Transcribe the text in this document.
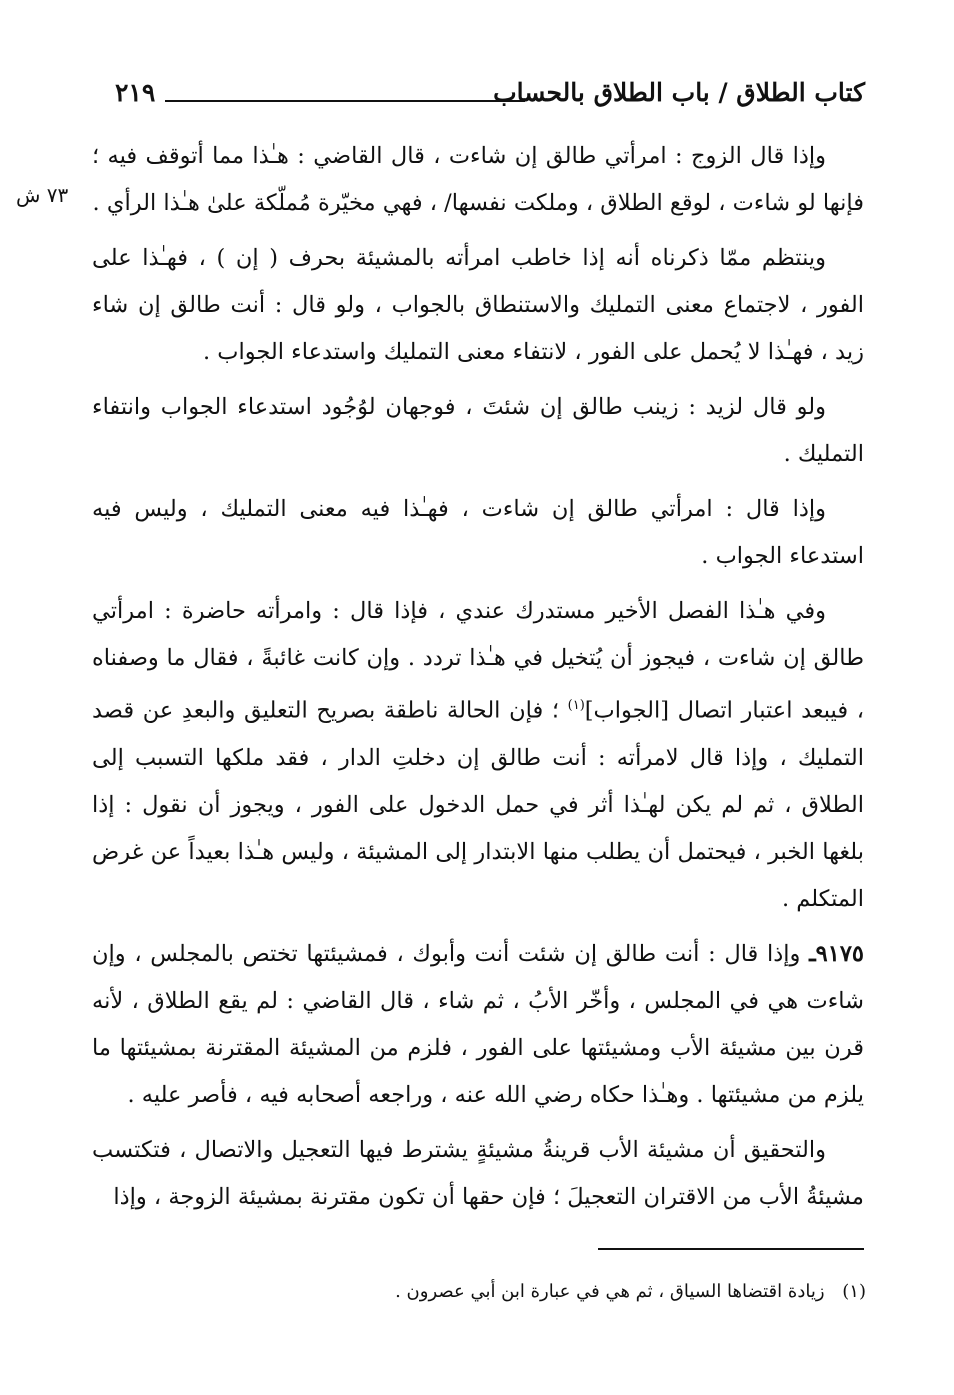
كتاب الطلاق / باب الطلاق بالحساب
٢١٩
٧٣ ش

وإذا قال الزوج : امرأتي طالق إن شاءت ، قال القاضي : هـٰذا مما أتوقف فيه ؛ فإنها لو شاءت ، لوقع الطلاق ، وملكت نفسها/ ، فهي مخيّرة مُملّكة علىٰ هـٰذا الرأي .

وينتظم ممّا ذكرناه أنه إذا خاطب امرأته بالمشيئة بحرف ( إن ) ، فهـٰذا على الفور ، لاجتماع معنى التمليك والاستنطاق بالجواب ، ولو قال : أنت طالق إن شاء زيد ، فهـٰذا لا يُحمل على الفور ، لانتفاء معنى التمليك واستدعاء الجواب .

ولو قال لزيد : زينب طالق إن شئتَ ، فوجهان لوُجُود استدعاء الجواب وانتفاء التمليك .

وإذا قال : امرأتي طالق إن شاءت ، فهـٰذا فيه معنى التمليك ، وليس فيه استدعاء الجواب .

وفي هـٰذا الفصل الأخير مستدرك عندي ، فإذا قال : وامرأته حاضرة : امرأتي طالق إن شاءت ، فيجوز أن يُتخيل في هـٰذا تردد . وإن كانت غائبةً ، فقال ما وصفناه ، فيبعد اعتبار اتصال [الجواب]$^{(١)}$ ؛ فإن الحالة ناطقة بصريح التعليق والبعدِ عن قصد التمليك ، وإذا قال لامرأته : أنت طالق إن دخلتِ الدار ، فقد ملكها التسبب إلى الطلاق ، ثم لم يكن لهـٰذا أثر في حمل الدخول على الفور ، ويجوز أن نقول : إذا بلغها الخبر ، فيحتمل أن يطلب منها الابتدار إلى المشيئة ، وليس هـٰذا بعيداً عن غرض المتكلم .

٩١٧٥ـ وإذا قال : أنت طالق إن شئت أنت وأبوك ، فمشيئتها تختص بالمجلس ، وإن شاءت هي في المجلس ، وأخّر الأبُ ، ثم شاء ، قال القاضي : لم يقع الطلاق ، لأنه قرن بين مشيئة الأب ومشيئتها على الفور ، فلزم من المشيئة المقترنة بمشيئتها ما يلزم من مشيئتها . وهـٰذا حكاه رضي الله عنه ، وراجعه أصحابه فيه ، فأصر عليه .

والتحقيق أن مشيئة الأب قرينةُ مشيئةٍ يشترط فيها التعجيل والاتصال ، فتكتسب مشيئةُ الأب من الاقتران التعجيلَ ؛ فإن حقها أن تكون مقترنة بمشيئة الزوجة ، وإذا

(١) زيادة اقتضاها السياق ، ثم هي في عبارة ابن أبي عصرون .
